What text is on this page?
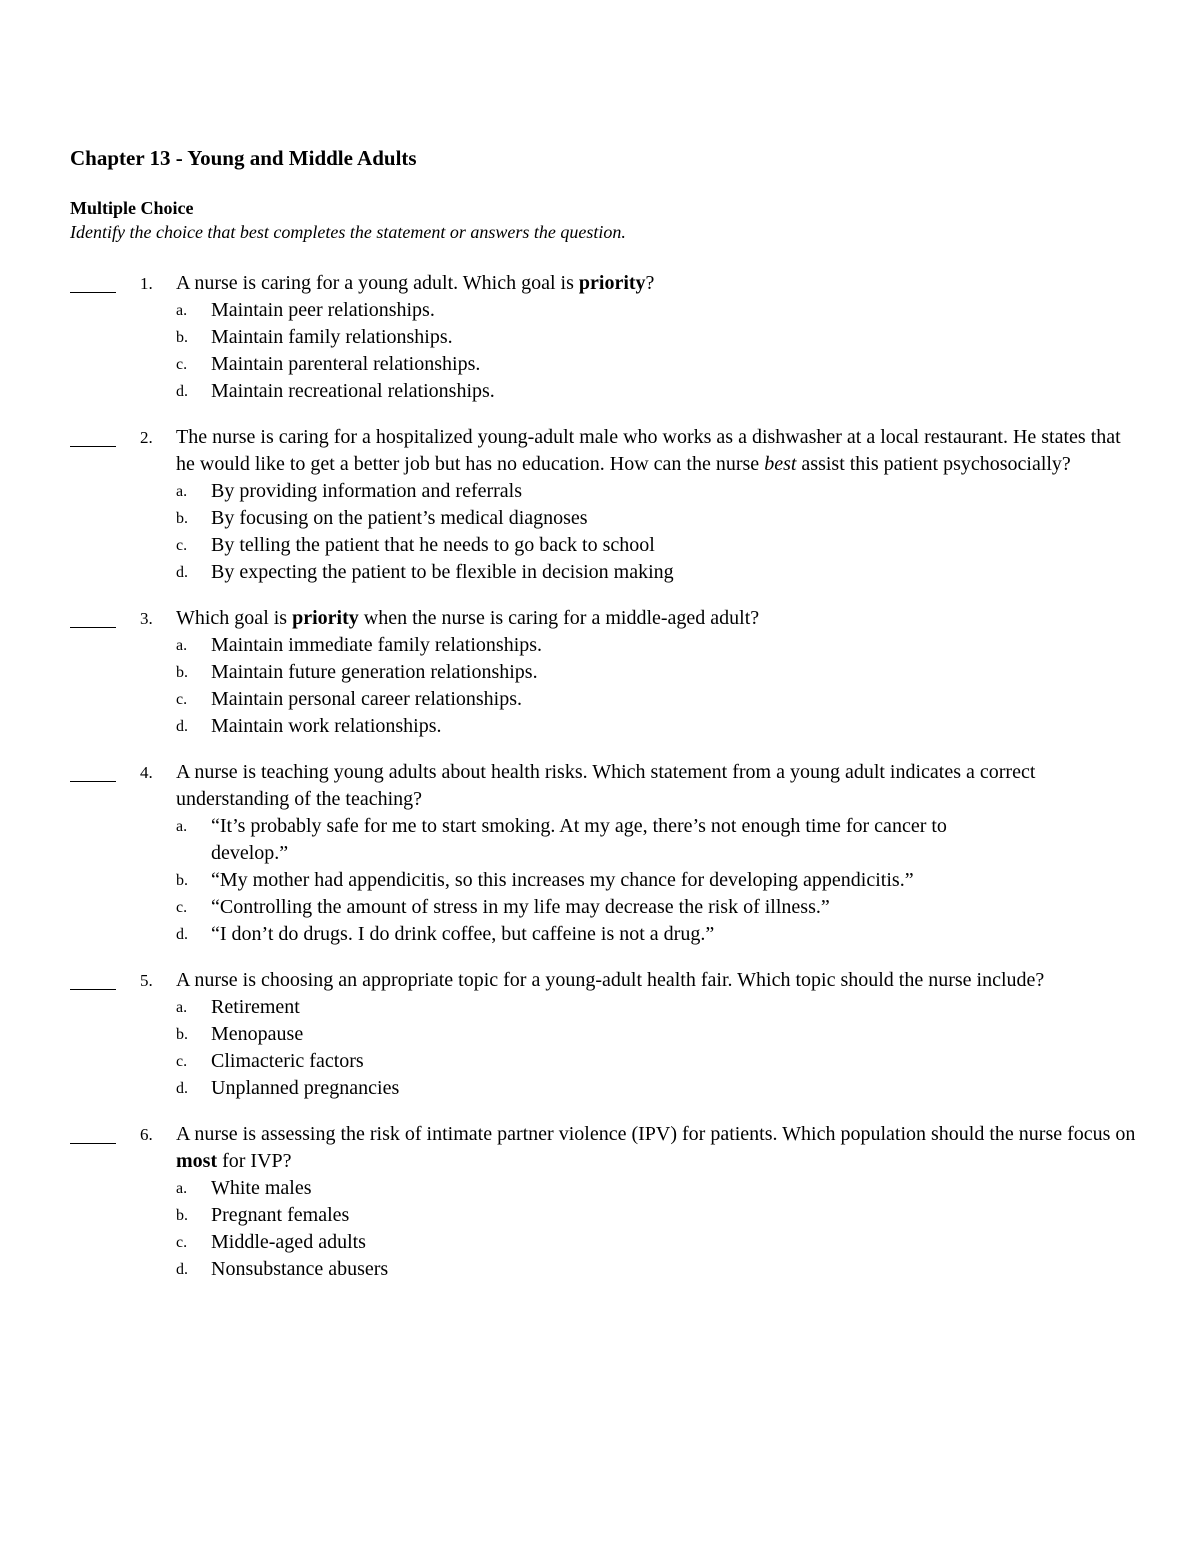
Chapter 13 - Young and Middle Adults
Multiple Choice
Identify the choice that best completes the statement or answers the question.
1.	A nurse is caring for a young adult. Which goal is priority?
a. Maintain peer relationships.
b. Maintain family relationships.
c. Maintain parenteral relationships.
d. Maintain recreational relationships.
2.	The nurse is caring for a hospitalized young-adult male who works as a dishwasher at a local restaurant. He states that he would like to get a better job but has no education. How can the nurse best assist this patient psychosocially?
a. By providing information and referrals
b. By focusing on the patient’s medical diagnoses
c. By telling the patient that he needs to go back to school
d. By expecting the patient to be flexible in decision making
3.	Which goal is priority when the nurse is caring for a middle-aged adult?
a. Maintain immediate family relationships.
b. Maintain future generation relationships.
c. Maintain personal career relationships.
d. Maintain work relationships.
4.	A nurse is teaching young adults about health risks. Which statement from a young adult indicates a correct understanding of the teaching?
a. “It’s probably safe for me to start smoking. At my age, there’s not enough time for cancer to develop.”
b. “My mother had appendicitis, so this increases my chance for developing appendicitis.”
c. “Controlling the amount of stress in my life may decrease the risk of illness.”
d. “I don’t do drugs. I do drink coffee, but caffeine is not a drug.”
5.	A nurse is choosing an appropriate topic for a young-adult health fair. Which topic should the nurse include?
a. Retirement
b. Menopause
c. Climacteric factors
d. Unplanned pregnancies
6.	A nurse is assessing the risk of intimate partner violence (IPV) for patients. Which population should the nurse focus on most for IVP?
a. White males
b. Pregnant females
c. Middle-aged adults
d. Nonsubstance abusers
